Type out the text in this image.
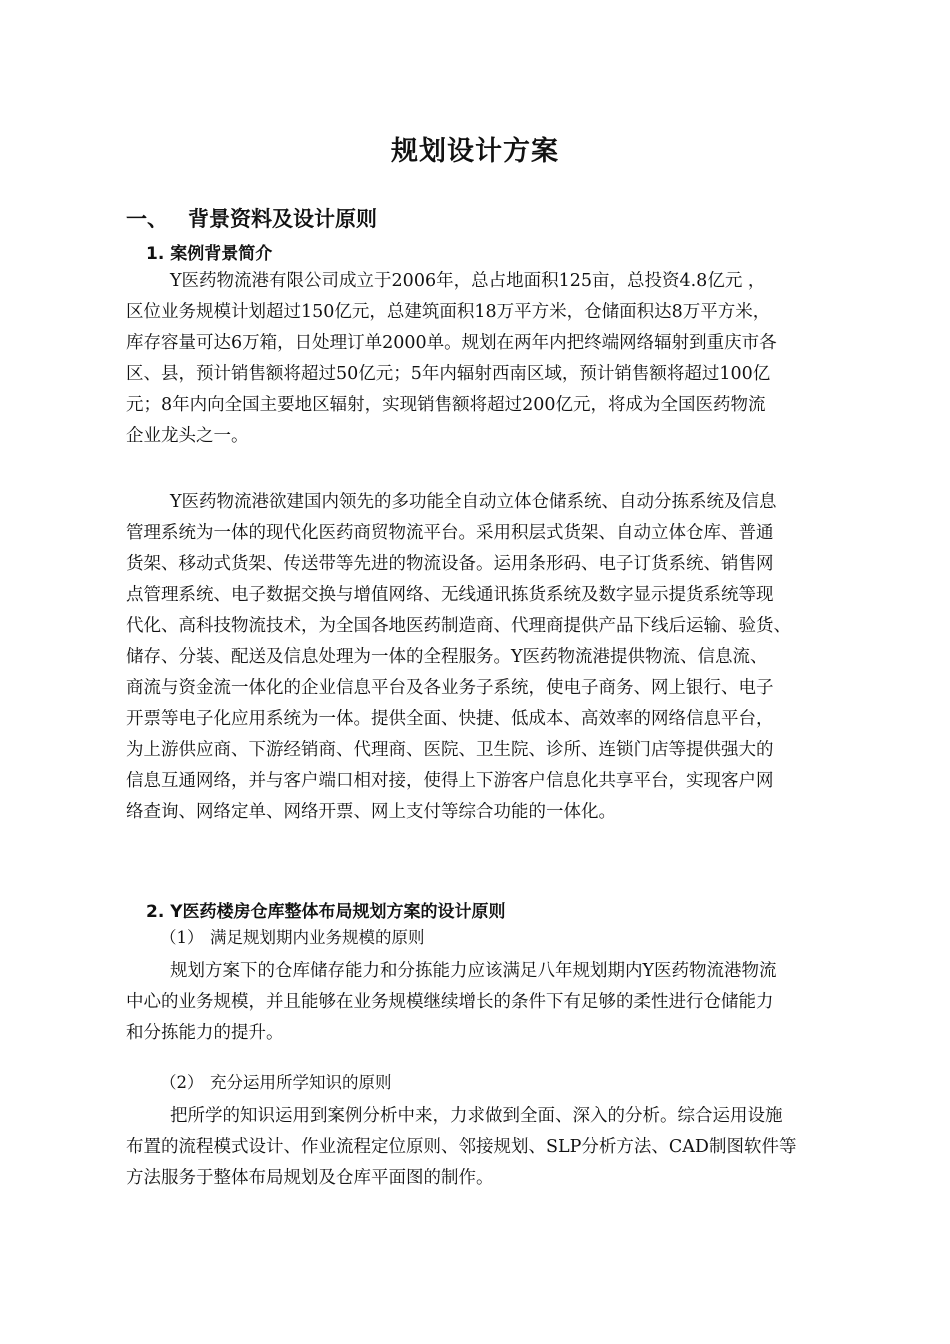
规划设计方案
一、 背景资料及设计原则
1. 案例背景简介

Y医药物流港有限公司成立于2006年，总占地面积125亩，总投资4.8亿元 ，
区位业务规模计划超过150亿元，总建筑面积18万平方米，仓储面积达8万平方米，
库存容量可达6万箱，日处理订单2000单。规划在两年内把终端网络辐射到重庆市各
区、县，预计销售额将超过50亿元；5年内辐射西南区域，预计销售额将超过100亿
元；8年内向全国主要地区辐射，实现销售额将超过200亿元，将成为全国医药物流
企业龙头之一。

Y医药物流港欲建国内领先的多功能全自动立体仓储系统、自动分拣系统及信息
管理系统为一体的现代化医药商贸物流平台。采用积层式货架、自动立体仓库、普通
货架、移动式货架、传送带等先进的物流设备。运用条形码、电子订货系统、销售网
点管理系统、电子数据交换与增值网络、无线通讯拣货系统及数字显示提货系统等现
代化、高科技物流技术，为全国各地医药制造商、代理商提供产品下线后运输、验货、
储存、分装、配送及信息处理为一体的全程服务。Y医药物流港提供物流、信息流、
商流与资金流一体化的企业信息平台及各业务子系统，使电子商务、网上银行、电子
开票等电子化应用系统为一体。提供全面、快捷、低成本、高效率的网络信息平台，
为上游供应商、下游经销商、代理商、医院、卫生院、诊所、连锁门店等提供强大的
信息互通网络，并与客户端口相对接，使得上下游客户信息化共享平台，实现客户网
络查询、网络定单、网络开票、网上支付等综合功能的一体化。

2. Y医药楼房仓库整体布局规划方案的设计原则
（1） 满足规划期内业务规模的原则

规划方案下的仓库储存能力和分拣能力应该满足八年规划期内Y医药物流港物流
中心的业务规模，并且能够在业务规模继续增长的条件下有足够的柔性进行仓储能力
和分拣能力的提升。

（2） 充分运用所学知识的原则

把所学的知识运用到案例分析中来，力求做到全面、深入的分析。综合运用设施
布置的流程模式设计、作业流程定位原则、邻接规划、SLP分析方法、CAD制图软件等
方法服务于整体布局规划及仓库平面图的制作。
